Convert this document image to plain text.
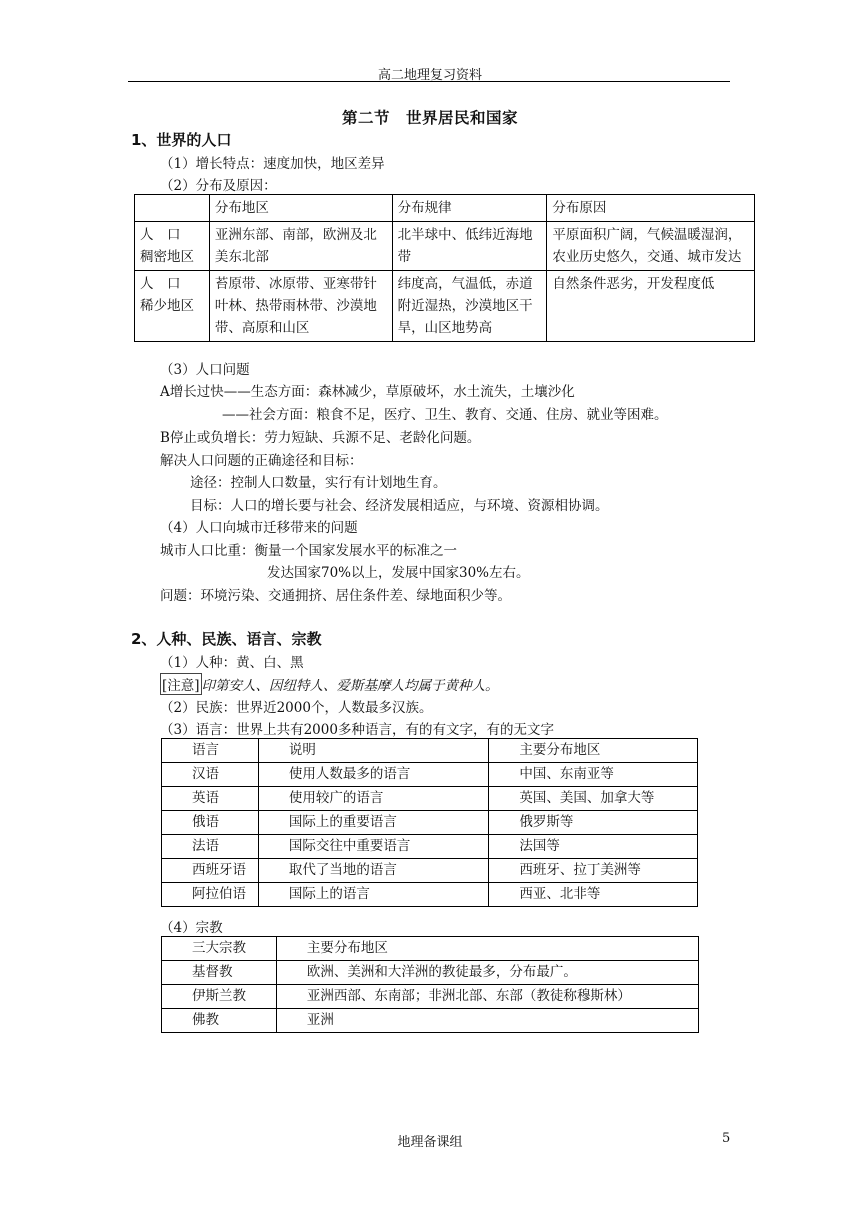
高二地理复习资料
第二节　世界居民和国家
1、世界的人口
（1）增长特点：速度加快，地区差异
（2）分布及原因：
	分布地区	分布规律	分布原因
人　口　稠密地区	亚洲东部、南部，欧洲及北美东北部	北半球中、低纬近海地带	平原面积广阔，气候温暖湿润，农业历史悠久，交通、城市发达
人　口　稀少地区	苔原带、冰原带、亚寒带针叶林、热带雨林带、沙漠地带、高原和山区	纬度高，气温低，赤道附近湿热，沙漠地区干旱，山区地势高	自然条件恶劣，开发程度低
（3）人口问题
A增长过快——生态方面：森林减少，草原破坏，水土流失，土壤沙化
——社会方面：粮食不足，医疗、卫生、教育、交通、住房、就业等困难。
B停止或负增长：劳力短缺、兵源不足、老龄化问题。
解决人口问题的正确途径和目标：
途径：控制人口数量，实行有计划地生育。
目标：人口的增长要与社会、经济发展相适应，与环境、资源相协调。
（4）人口向城市迁移带来的问题
城市人口比重：衡量一个国家发展水平的标准之一
发达国家70%以上，发展中国家30%左右。
问题：环境污染、交通拥挤、居住条件差、绿地面积少等。
2、人种、民族、语言、宗教
（1）人种：黄、白、黑
[注意] 印第安人、因纽特人、爱斯基摩人均属于黄种人。
（2）民族：世界近2000个，人数最多汉族。
（3）语言：世界上共有2000多种语言，有的有文字，有的无文字
语言	说明	主要分布地区
汉语	使用人数最多的语言	中国、东南亚等
英语	使用较广的语言	英国、美国、加拿大等
俄语	国际上的重要语言	俄罗斯等
法语	国际交往中重要语言	法国等
西班牙语	取代了当地的语言	西班牙、拉丁美洲等
阿拉伯语	国际上的语言	西亚、北非等
（4）宗教
三大宗教	主要分布地区
基督教	欧洲、美洲和大洋洲的教徒最多，分布最广。
伊斯兰教	亚洲西部、东南部；非洲北部、东部（教徒称穆斯林）
佛教	亚洲
地理备课组	5
